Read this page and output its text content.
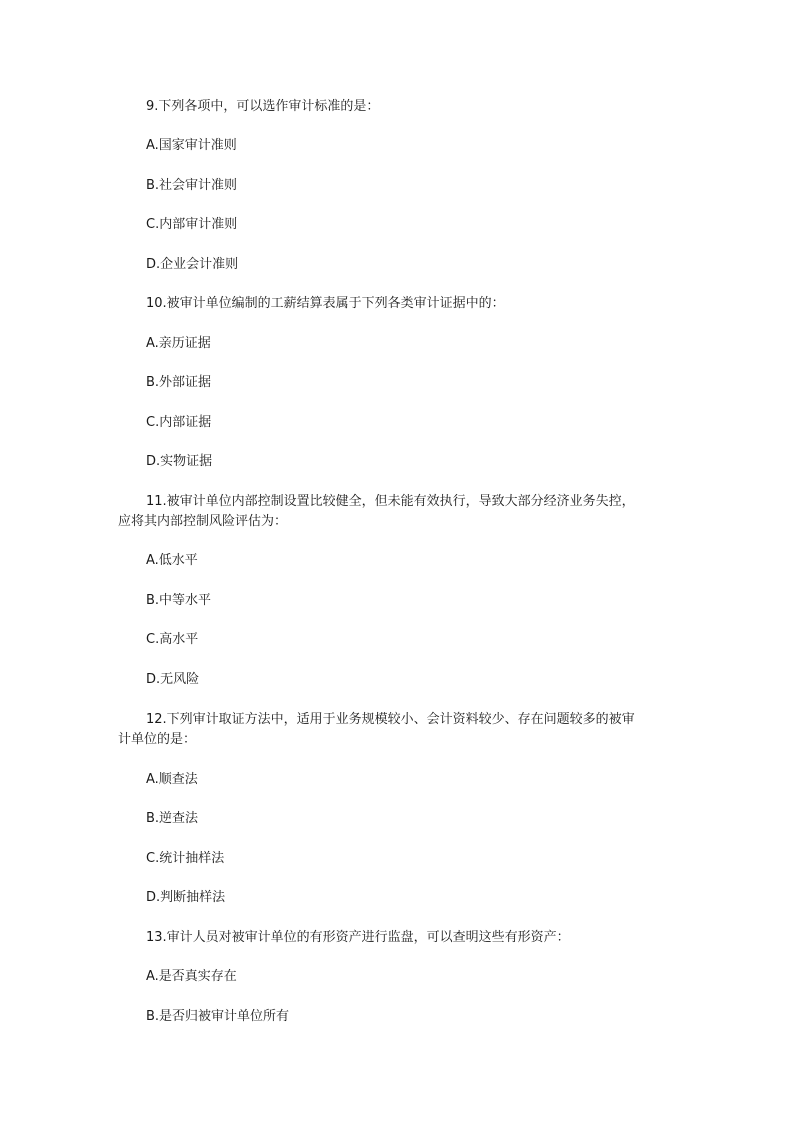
9.下列各项中，可以选作审计标准的是：

A.国家审计准则

B.社会审计准则

C.内部审计准则

D.企业会计准则

10.被审计单位编制的工薪结算表属于下列各类审计证据中的：

A.亲历证据

B.外部证据

C.内部证据

D.实物证据

11.被审计单位内部控制设置比较健全，但未能有效执行，导致大部分经济业务失控，

应将其内部控制风险评估为：

A.低水平

B.中等水平

C.高水平

D.无风险

12.下列审计取证方法中，适用于业务规模较小、会计资料较少、存在问题较多的被审

计单位的是：

A.顺查法

B.逆查法

C.统计抽样法

D.判断抽样法

13.审计人员对被审计单位的有形资产进行监盘，可以查明这些有形资产：

A.是否真实存在

B.是否归被审计单位所有
